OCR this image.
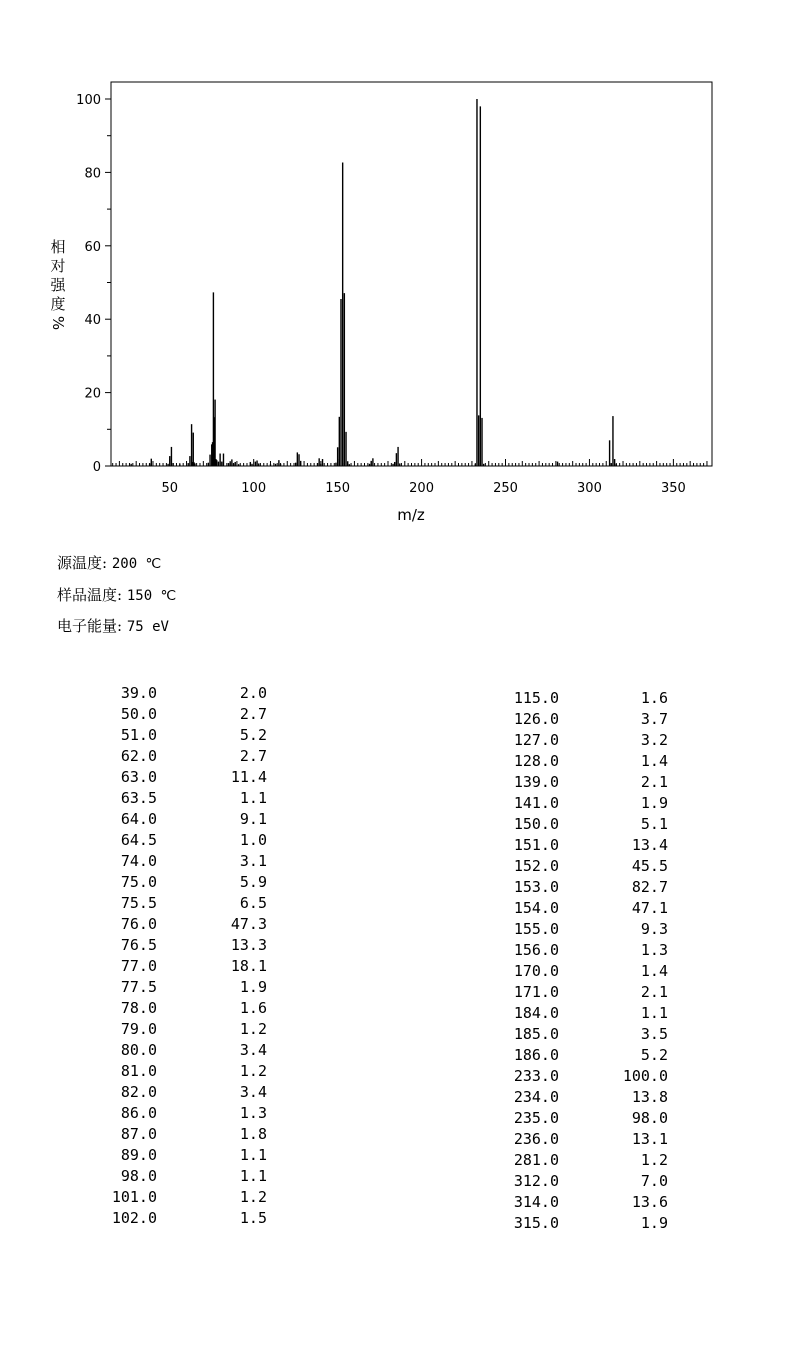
50	100	150	200	250	300	350
0
20
40
60
80
100
m/z
相
对
强
度
%
源温度: 200 ℃
样品温度: 150 ℃
电子能量: 75 eV
39.0	2.0
50.0	2.7
51.0	5.2
62.0	2.7
63.0	11.4
63.5	1.1
64.0	9.1
64.5	1.0
74.0	3.1
75.0	5.9
75.5	6.5
76.0	47.3
76.5	13.3
77.0	18.1
77.5	1.9
78.0	1.6
79.0	1.2
80.0	3.4
81.0	1.2
82.0	3.4
86.0	1.3
87.0	1.8
89.0	1.1
98.0	1.1
101.0	1.2
102.0	1.5
115.0	1.6
126.0	3.7
127.0	3.2
128.0	1.4
139.0	2.1
141.0	1.9
150.0	5.1
151.0	13.4
152.0	45.5
153.0	82.7
154.0	47.1
155.0	9.3
156.0	1.3
170.0	1.4
171.0	2.1
184.0	1.1
185.0	3.5
186.0	5.2
233.0	100.0
234.0	13.8
235.0	98.0
236.0	13.1
281.0	1.2
312.0	7.0
314.0	13.6
315.0	1.9
